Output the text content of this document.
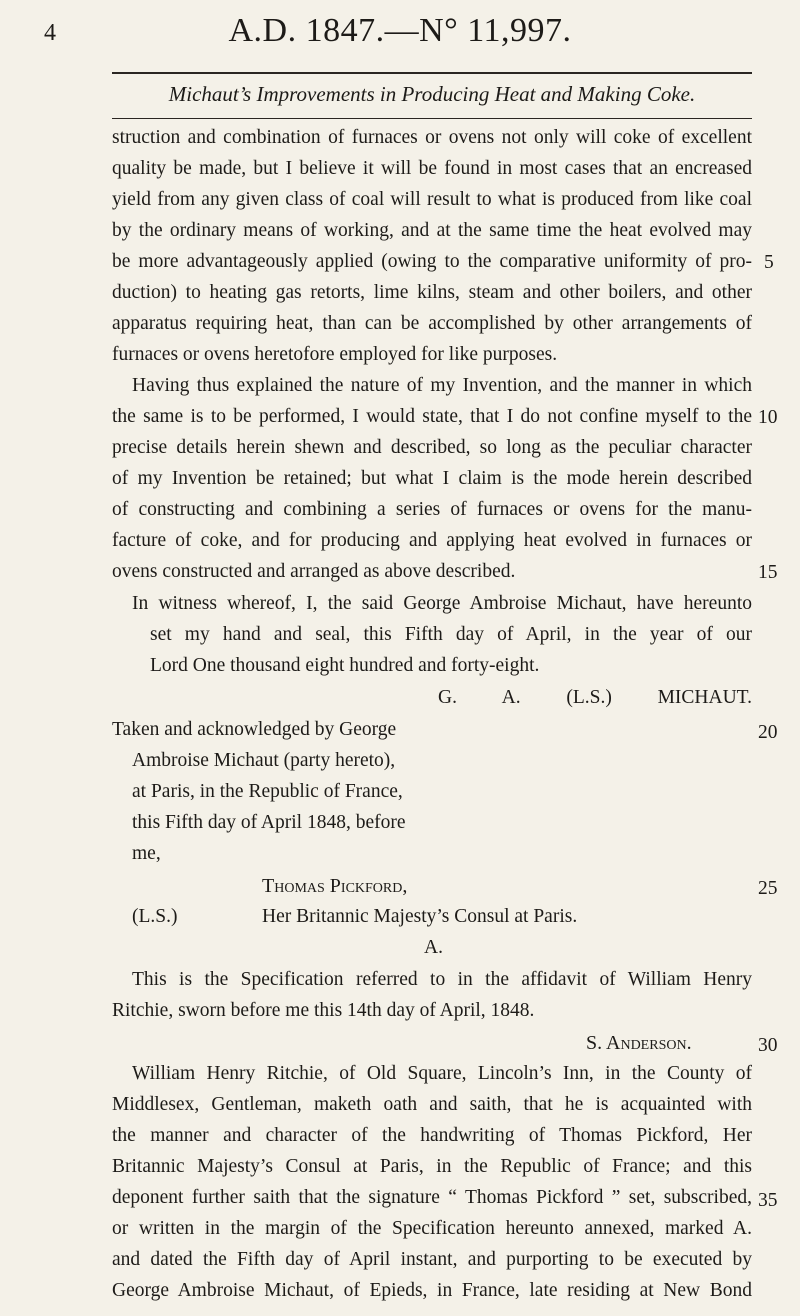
4	A.D. 1847.—N° 11,997.
Michaut’s Improvements in Producing Heat and Making Coke.
struction and combination of furnaces or ovens not only will coke of excellent
quality be made, but I believe it will be found in most cases that an encreased
yield from any given class of coal will result to what is produced from like coal
by the ordinary means of working, and at the same time the heat evolved may
be more advantageously applied (owing to the comparative uniformity of pro-
duction) to heating gas retorts, lime kilns, steam and other boilers, and other
apparatus requiring heat, than can be accomplished by other arrangements of
furnaces or ovens heretofore employed for like purposes.
Having thus explained the nature of my Invention, and the manner in which
the same is to be performed, I would state, that I do not confine myself to the
precise details herein shewn and described, so long as the peculiar character
of my Invention be retained; but what I claim is the mode herein described
of constructing and combining a series of furnaces or ovens for the manu-
facture of coke, and for producing and applying heat evolved in furnaces or
ovens constructed and arranged as above described.
In witness whereof, I, the said George Ambroise Michaut, have hereunto
set my hand and seal, this Fifth day of April, in the year of our
Lord One thousand eight hundred and forty-eight.
G. A. (L.S.) MICHAUT.
Taken and acknowledged by George
Ambroise Michaut (party hereto),
at Paris, in the Republic of France,
this Fifth day of April 1848, before
me,
Thomas Pickford,
(L.S.)	Her Britannic Majesty’s Consul at Paris.
A.
This is the Specification referred to in the affidavit of William Henry
Ritchie, sworn before me this 14th day of April, 1848.
S. Anderson.
William Henry Ritchie, of Old Square, Lincoln’s Inn, in the County of
Middlesex, Gentleman, maketh oath and saith, that he is acquainted with
the manner and character of the handwriting of Thomas Pickford, Her
Britannic Majesty’s Consul at Paris, in the Republic of France; and this
deponent further saith that the signature “ Thomas Pickford ” set, subscribed,
or written in the margin of the Specification hereunto annexed, marked A.
and dated the Fifth day of April instant, and purporting to be executed by
George Ambroise Michaut, of Epieds, in France, late residing at New Bond
5
10
15
20
25
30
35
